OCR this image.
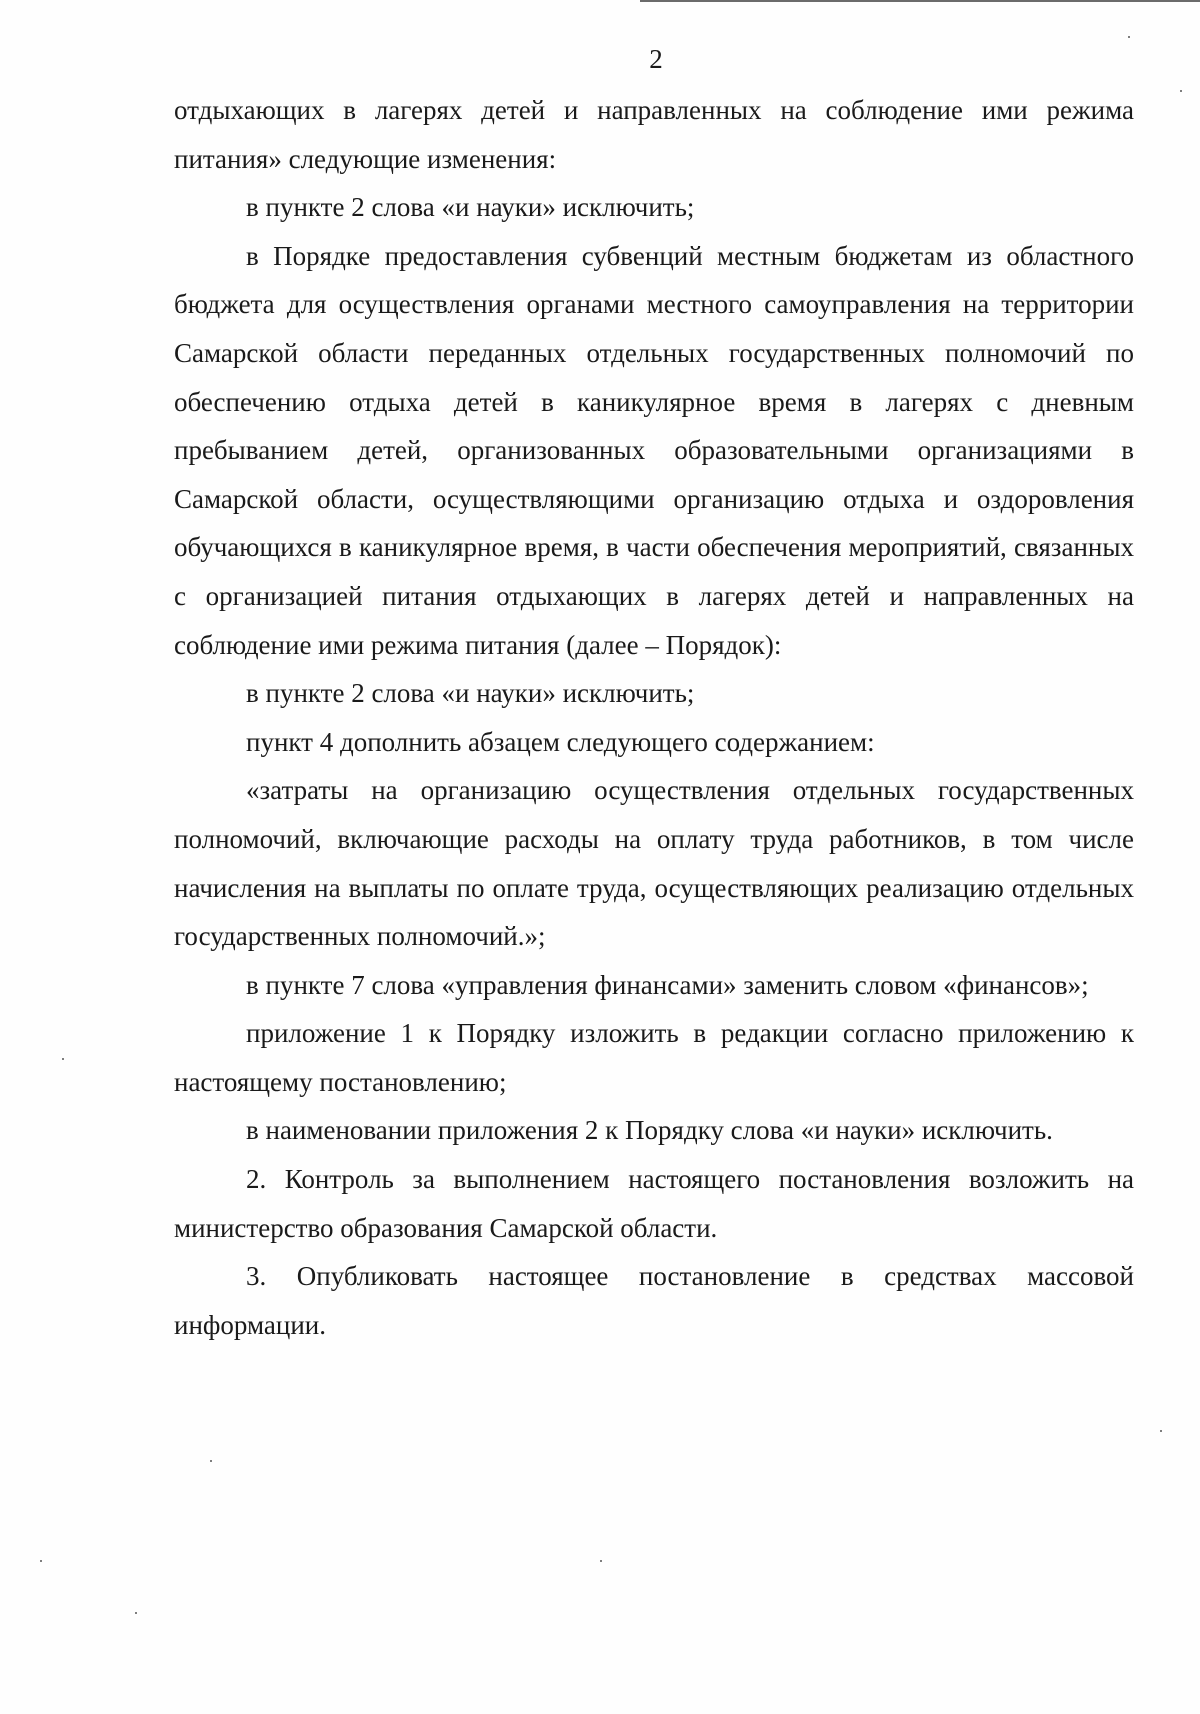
2

отдыхающих в лагерях детей и направленных на соблюдение ими режима питания» следующие изменения:

в пункте 2 слова «и науки» исключить;

в Порядке предоставления субвенций местным бюджетам из областного бюджета для осуществления органами местного самоуправления на территории Самарской области переданных отдельных государственных полномочий по обеспечению отдыха детей в каникулярное время в лагерях с дневным пребыванием детей, организованных образовательными организациями в Самарской области, осуществляющими организацию отдыха и оздоровления обучающихся в каникулярное время, в части обеспечения мероприятий, связанных с организацией питания отдыхающих в лагерях детей и направленных на соблюдение ими режима питания (далее – Порядок):

в пункте 2 слова «и науки» исключить;

пункт 4 дополнить абзацем следующего содержанием:

«затраты на организацию осуществления отдельных государственных полномочий, включающие расходы на оплату труда работников, в том числе начисления на выплаты по оплате труда, осуществляющих реализацию отдельных государственных полномочий.»;

в пункте 7 слова «управления финансами» заменить словом «финансов»;

приложение 1 к Порядку изложить в редакции согласно приложению к настоящему постановлению;

в наименовании приложения 2 к Порядку слова «и науки» исключить.

2. Контроль за выполнением настоящего постановления возложить на министерство образования Самарской области.

3. Опубликовать настоящее постановление в средствах массовой информации.
